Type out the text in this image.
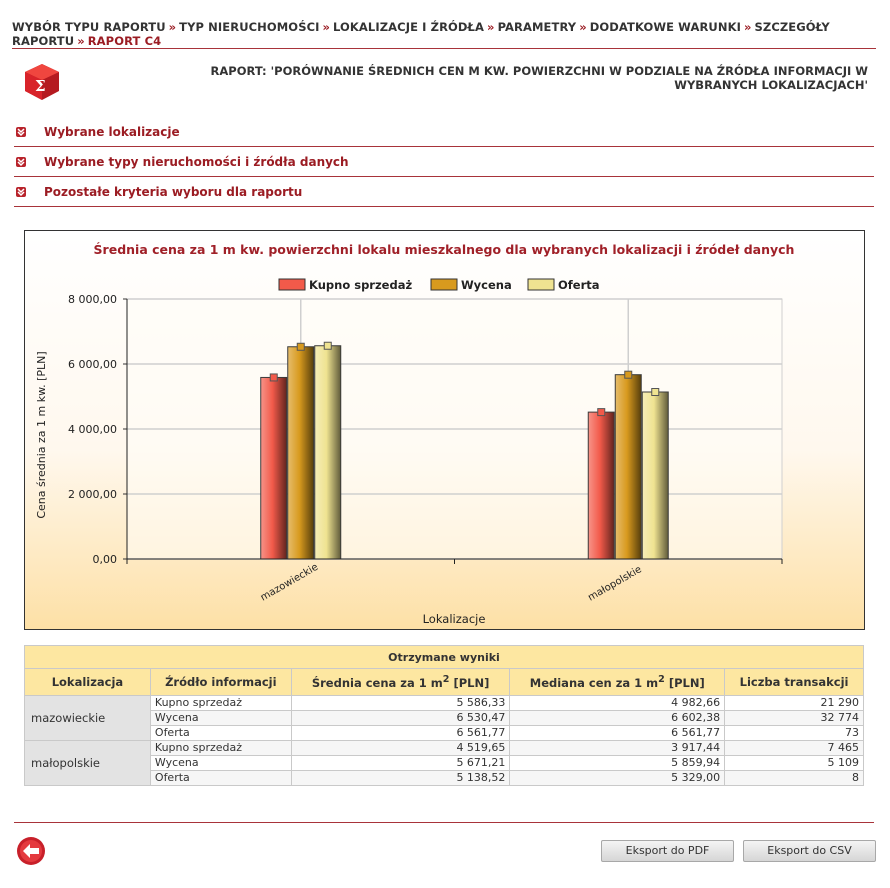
WYBÓR TYPU RAPORTU » TYP NIERUCHOMOŚCI » LOKALIZACJE I ŹRÓDŁA » PARAMETRY » DODATKOWE WARUNKI » SZCZEGÓŁY RAPORTU » RAPORT C4
Σ
RAPORT: 'PORÓWNANIE ŚREDNICH CEN M KW. POWIERZCHNI W PODZIALE NA ŹRÓDŁA INFORMACJI W WYBRANYCH LOKALIZACJACH'
Wybrane lokalizacje
Wybrane typy nieruchomości i źródła danych
Pozostałe kryteria wyboru dla raportu
Średnia cena za 1 m kw. powierzchni lokalu mieszkalnego dla wybranych lokalizacji i źródeł danych
Kupno sprzedaż	Wycena	Oferta
0,00
2 000,00
4 000,00
6 000,00
8 000,00
mazowieckie	małopolskie
Lokalizacje
Cena średnia za 1 m kw. [PLN]
Otrzymane wyniki				
Lokalizacja	Źródło informacji	Średnia cena za 1 $m^2$ [PLN]	Mediana cen za 1 $m^2$ [PLN]	Liczba transakcji
mazowieckie	Kupno sprzedaż	5 586,33	4 982,66	21 290
	Wycena	6 530,47	6 602,38	32 774
	Oferta	6 561,77	6 561,77	73
małopolskie	Kupno sprzedaż	4 519,65	3 917,44	7 465
	Wycena	5 671,21	5 859,94	5 109
	Oferta	5 138,52	5 329,00	8
Eksport do PDF	Eksport do CSV
